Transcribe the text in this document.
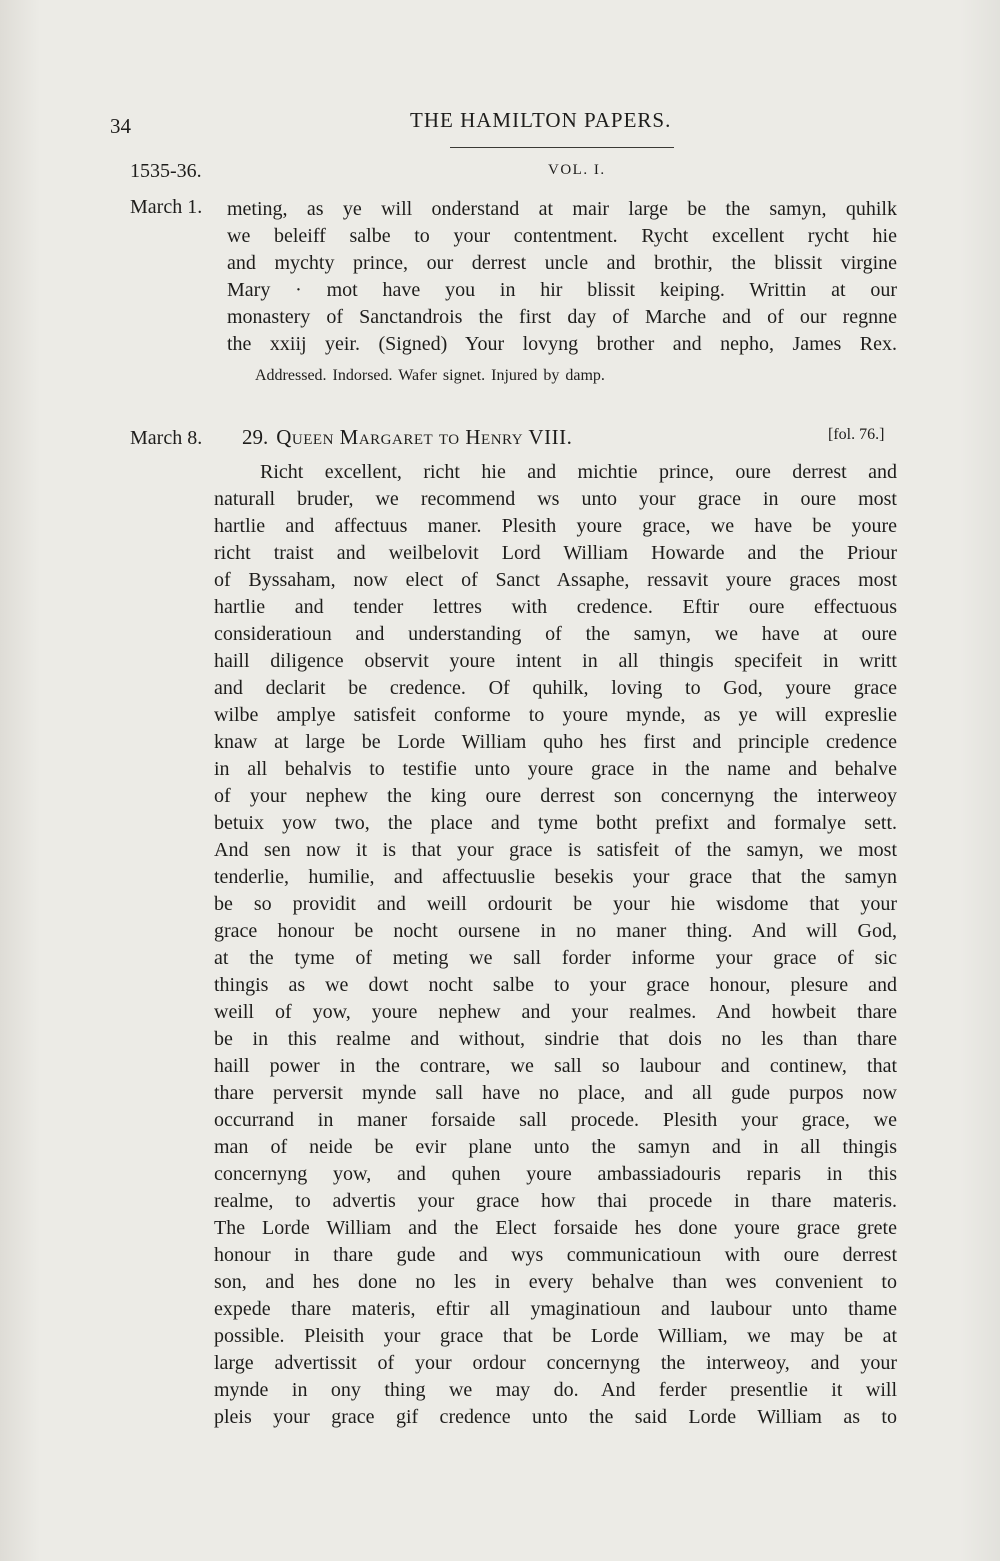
34	THE HAMILTON PAPERS.
1535-36.	VOL. I.
March 1. meting, as ye will onderstand at mair large be the samyn, quhilk
we beleiff salbe to your contentment. Rycht excellent rycht hie
and mychty prince, our derrest uncle and brothir, the blissit virgine
Mary · mot have you in hir blissit keiping. Writtin at our
monastery of Sanctandrois the first day of Marche and of our regnne
the xxiij yeir. (Signed) Your lovyng brother and nepho, James Rex.
Addressed. Indorsed. Wafer signet. Injured by damp.
March 8. 29. Queen Margaret to Henry VIII.	[fol. 76.]
Richt excellent, richt hie and michtie prince, oure derrest and
naturall bruder, we recommend ws unto your grace in oure most
hartlie and affectuus maner. Plesith youre grace, we have be youre
richt traist and weilbelovit Lord William Howarde and the Priour
of Byssaham, now elect of Sanct Assaphe, ressavit youre graces most
hartlie and tender lettres with credence. Eftir oure effectuous
consideratioun and understanding of the samyn, we have at oure
haill diligence observit youre intent in all thingis specifeit in writt
and declarit be credence. Of quhilk, loving to God, youre grace
wilbe amplye satisfeit conforme to youre mynde, as ye will expreslie
knaw at large be Lorde William quho hes first and principle credence
in all behalvis to testifie unto youre grace in the name and behalve
of your nephew the king oure derrest son concernyng the interweoy
betuix yow two, the place and tyme botht prefixt and formalye sett.
And sen now it is that your grace is satisfeit of the samyn, we most
tenderlie, humilie, and affectuuslie besekis your grace that the samyn
be so providit and weill ordourit be your hie wisdome that your
grace honour be nocht oursene in no maner thing. And will God,
at the tyme of meting we sall forder informe your grace of sic
thingis as we dowt nocht salbe to your grace honour, plesure and
weill of yow, youre nephew and your realmes. And howbeit thare
be in this realme and without, sindrie that dois no les than thare
haill power in the contrare, we sall so laubour and continew, that
thare perversit mynde sall have no place, and all gude purpos now
occurrand in maner forsaide sall procede. Plesith your grace, we
man of neide be evir plane unto the samyn and in all thingis
concernyng yow, and quhen youre ambassiadouris reparis in this
realme, to advertis your grace how thai procede in thare materis.
The Lorde William and the Elect forsaide hes done youre grace grete
honour in thare gude and wys communicatioun with oure derrest
son, and hes done no les in every behalve than wes convenient to
expede thare materis, eftir all ymaginatioun and laubour unto thame
possible. Pleisith your grace that be Lorde William, we may be at
large advertissit of your ordour concernyng the interweoy, and your
mynde in ony thing we may do. And ferder presentlie it will
pleis your grace gif credence unto the said Lorde William as to
